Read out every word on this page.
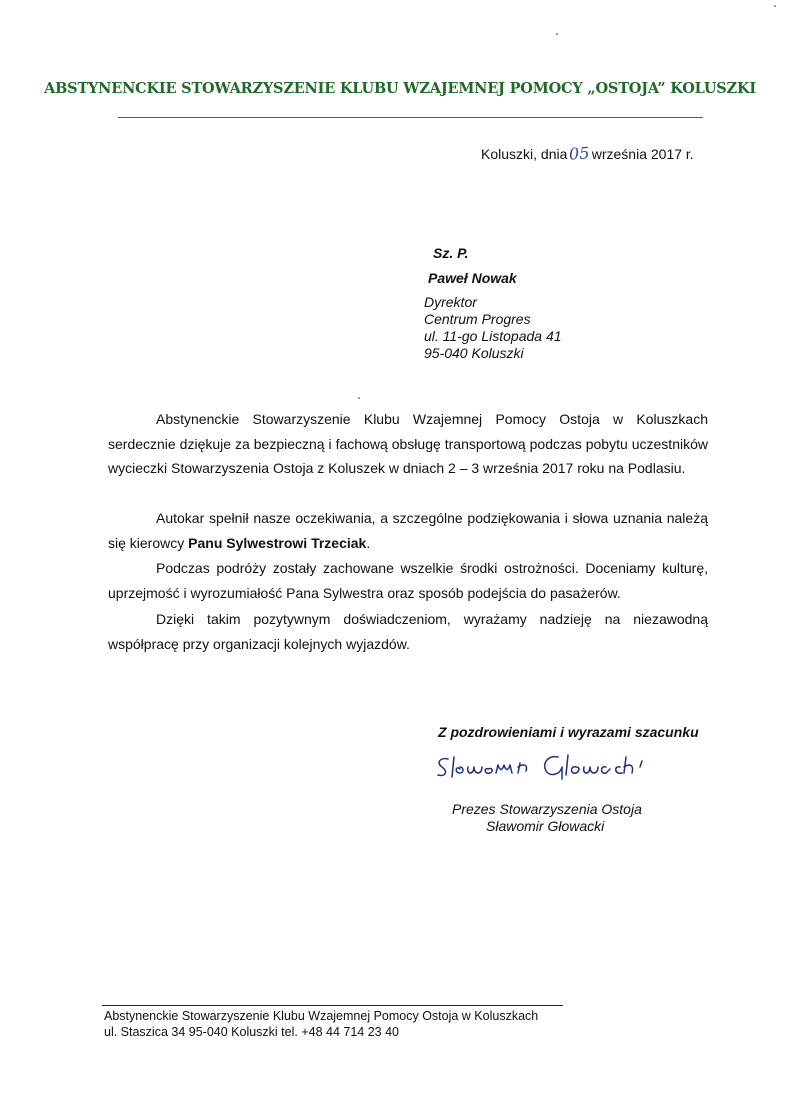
ABSTYNENCKIE STOWARZYSZENIE KLUBU WZAJEMNEJ POMOCY „OSTOJA” KOLUSZKI
Koluszki, dnia05września 2017 r.
Sz. P.
Paweł Nowak
Dyrektor
Centrum Progres
ul. 11-go Listopada 41
95-040 Koluszki

Abstynenckie Stowarzyszenie Klubu Wzajemnej Pomocy Ostoja w Koluszkach serdecznie dziękuje za bezpieczną i fachową obsługę transportową podczas pobytu uczestników wycieczki Stowarzyszenia Ostoja z Koluszek w dniach 2 – 3 września 2017 roku na Podlasiu.

Autokar spełnił nasze oczekiwania, a szczególne podziękowania i słowa uznania należą się kierowcy Panu Sylwestrowi Trzeciak.

Podczas podróży zostały zachowane wszelkie środki ostrożności. Doceniamy kulturę, uprzejmość i wyrozumiałość Pana Sylwestra oraz sposób podejścia do pasażerów.

Dzięki takim pozytywnym doświadczeniom, wyrażamy nadzieję na niezawodną współpracę przy organizacji kolejnych wyjazdów.

Z pozdrowieniami i wyrazami szacunku
Prezes Stowarzyszenia Ostoja
Sławomir Głowacki
Abstynenckie Stowarzyszenie Klubu Wzajemnej Pomocy Ostoja w Koluszkach
ul. Staszica 34 95-040 Koluszki tel. +48 44 714 23 40
